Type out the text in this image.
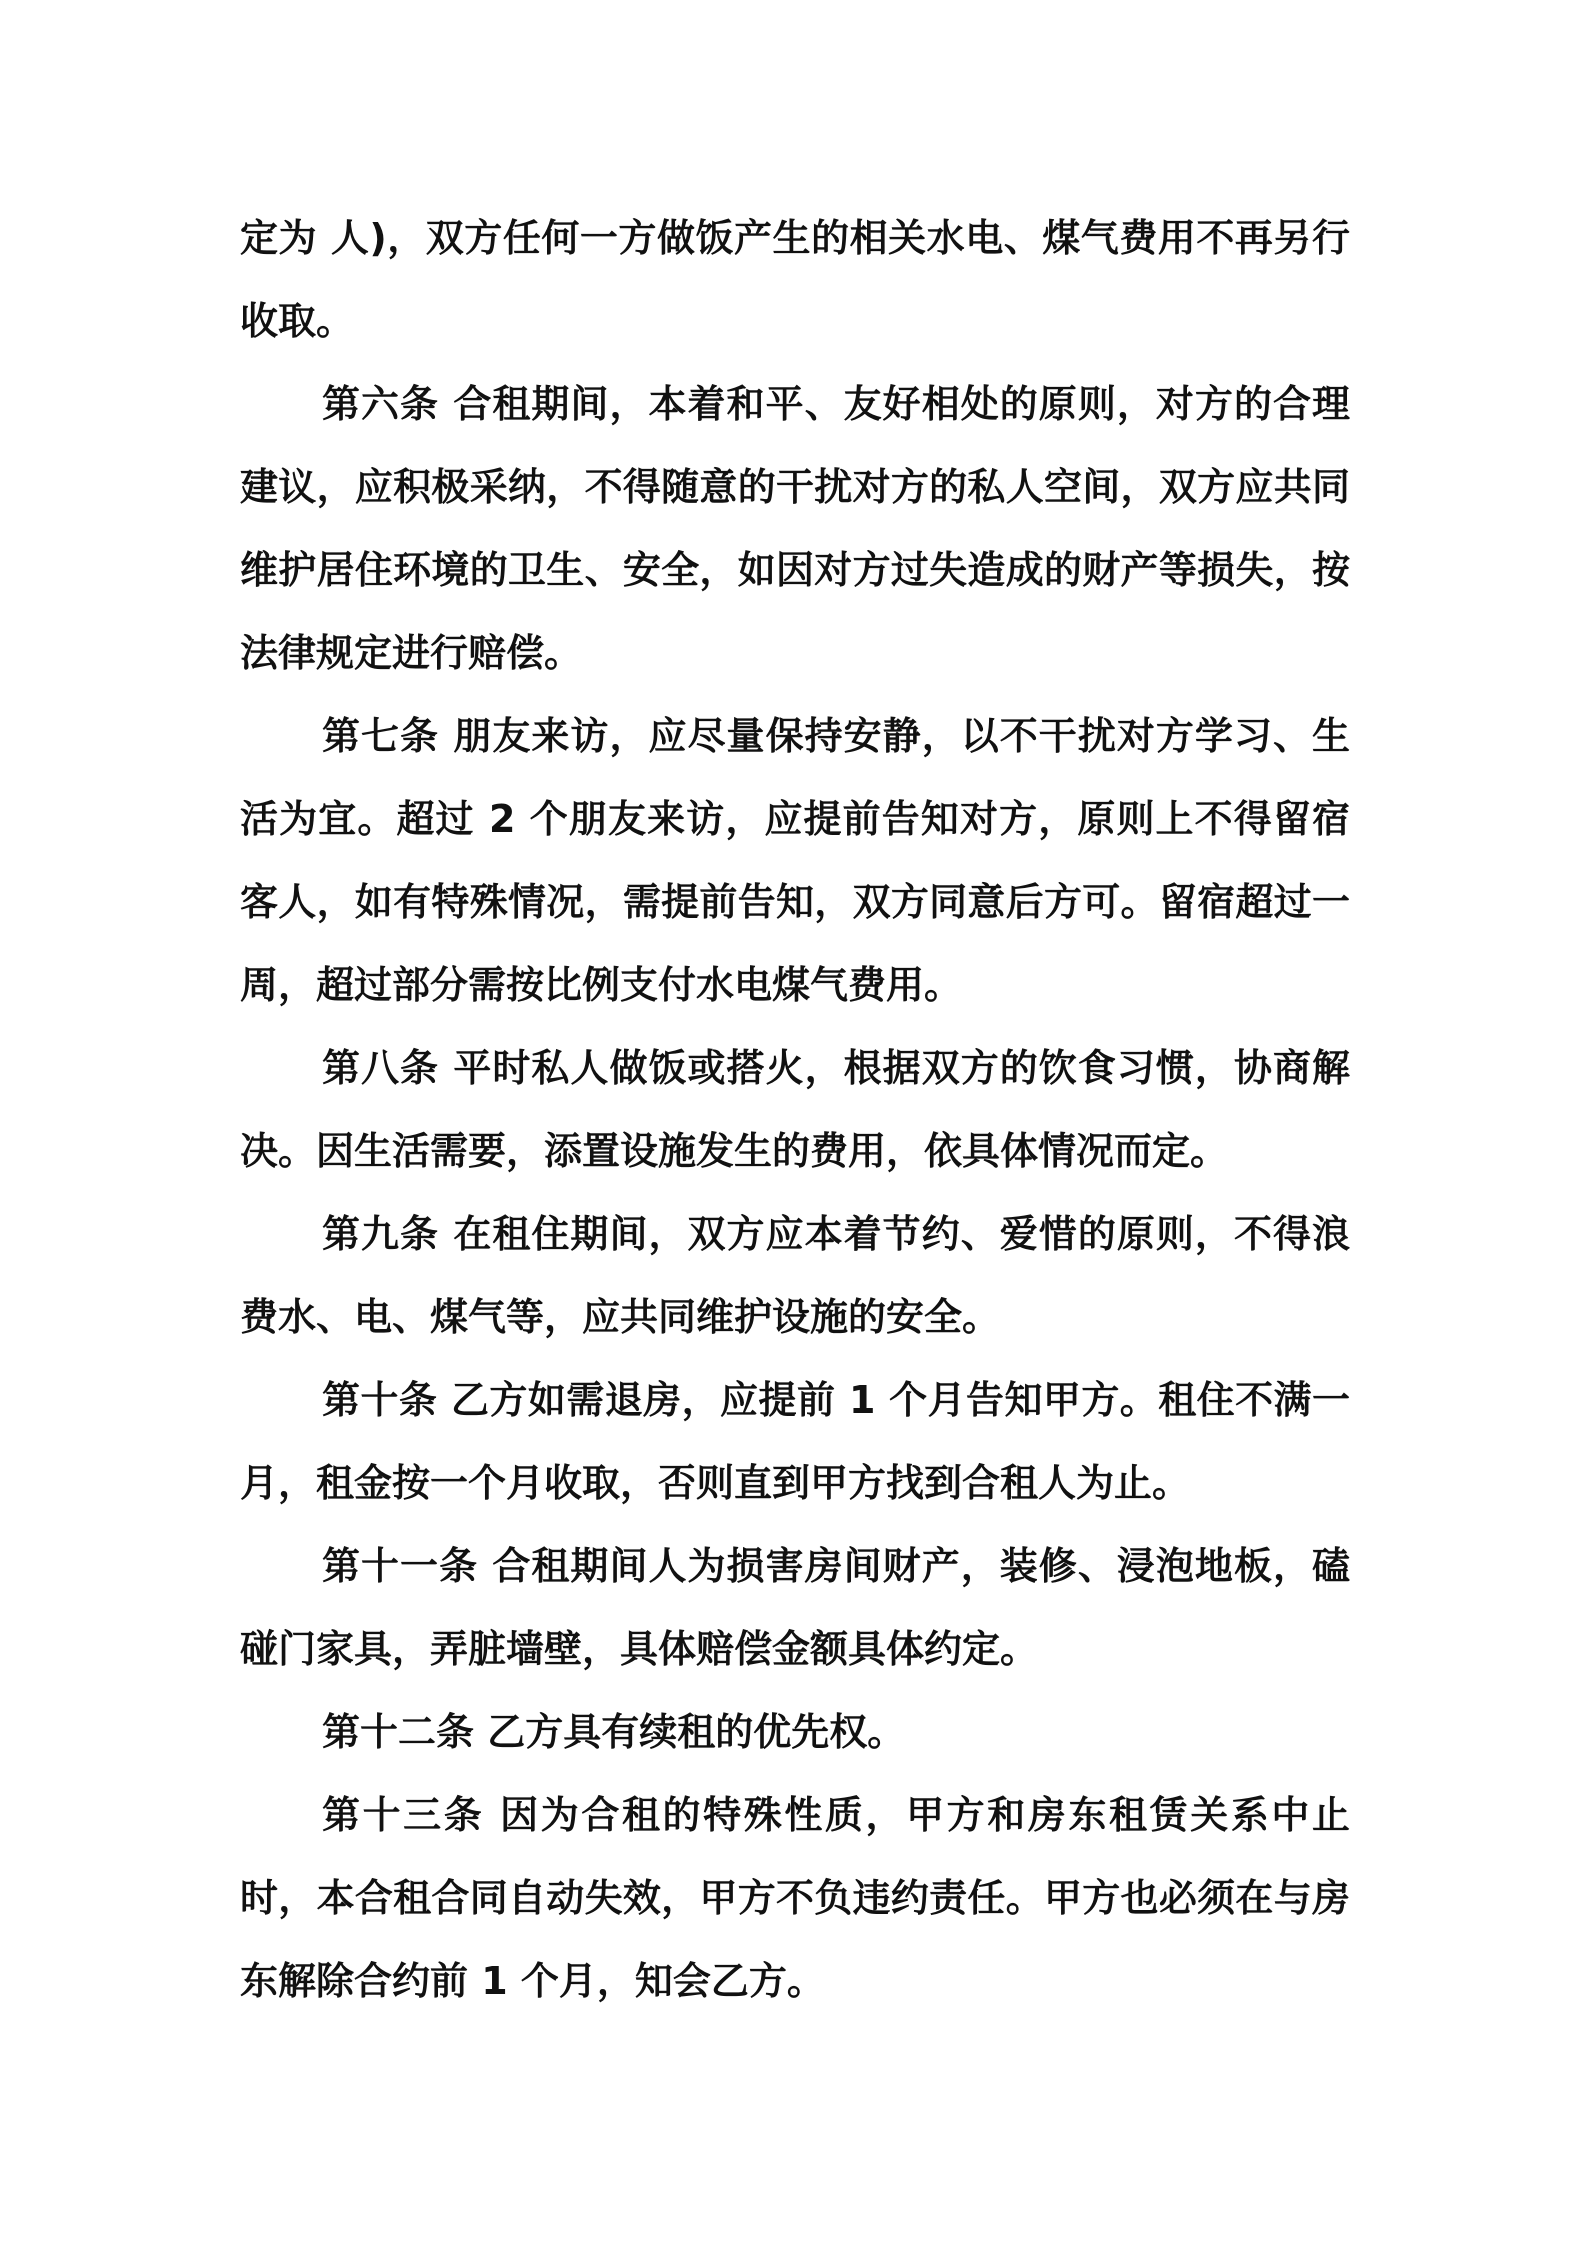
定为 人)，双方任何一方做饭产生的相关水电、煤气费用不再另行收取。

第六条 合租期间，本着和平、友好相处的原则，对方的合理建议，应积极采纳，不得随意的干扰对方的私人空间，双方应共同维护居住环境的卫生、安全，如因对方过失造成的财产等损失，按法律规定进行赔偿。

第七条 朋友来访，应尽量保持安静，以不干扰对方学习、生活为宜。超过 2 个朋友来访，应提前告知对方，原则上不得留宿客人，如有特殊情况，需提前告知，双方同意后方可。留宿超过一周，超过部分需按比例支付水电煤气费用。

第八条 平时私人做饭或搭火，根据双方的饮食习惯，协商解决。因生活需要，添置设施发生的费用，依具体情况而定。

第九条 在租住期间，双方应本着节约、爱惜的原则，不得浪费水、电、煤气等，应共同维护设施的安全。

第十条 乙方如需退房，应提前 1 个月告知甲方。租住不满一月，租金按一个月收取，否则直到甲方找到合租人为止。

第十一条 合租期间人为损害房间财产，装修、浸泡地板，磕碰门家具，弄脏墙壁，具体赔偿金额具体约定。

第十二条 乙方具有续租的优先权。

第十三条 因为合租的特殊性质，甲方和房东租赁关系中止时，本合租合同自动失效，甲方不负违约责任。甲方也必须在与房东解除合约前 1 个月，知会乙方。
